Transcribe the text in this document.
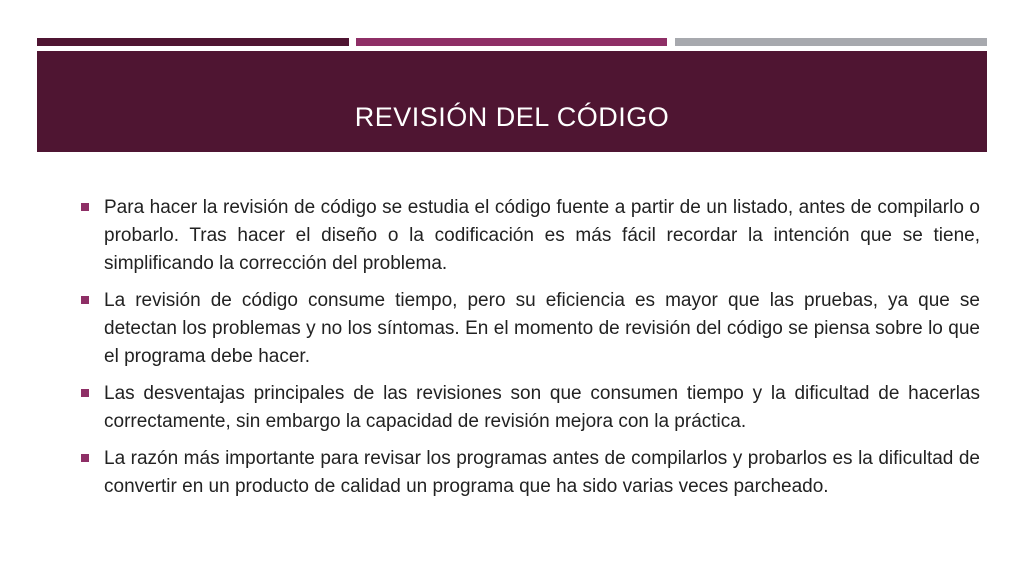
REVISIÓN DEL CÓDIGO
Para hacer la revisión de código se estudia el código fuente a partir de un listado, antes de compilarlo o probarlo. Tras hacer el diseño o la codificación es más fácil recordar la intención que se tiene, simplificando la corrección del problema.
La revisión de código consume tiempo, pero su eficiencia es mayor que las pruebas, ya que se detectan los problemas y no los síntomas. En el momento de revisión del código se piensa sobre lo que el programa debe hacer.
Las desventajas principales de las revisiones son que consumen tiempo y la dificultad de hacerlas correctamente, sin embargo la capacidad de revisión mejora con la práctica.
La razón más importante para revisar los programas antes de compilarlos y probarlos es la dificultad de convertir en un producto de calidad un programa que ha sido varias veces parcheado.
